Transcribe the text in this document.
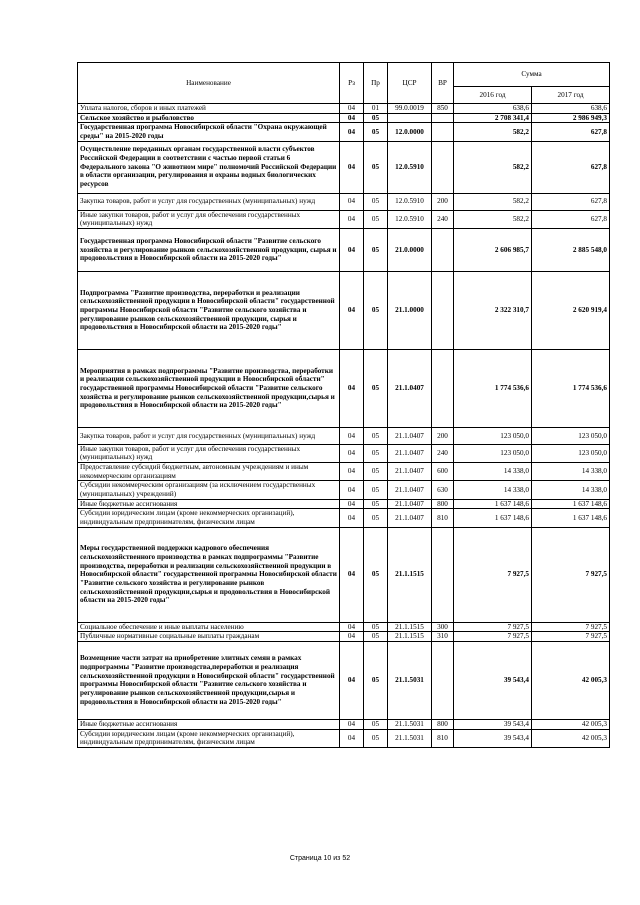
Наименование	Рз	Пр	ЦСР	ВР	Сумма	
					2016 год	2017 год
Уплата налогов, сборов и иных платежей	04	01	99.0.0019	850	638,6	638,6
Сельское хозяйство и рыболовство	04	05			2 708 341,4	2 986 949,3
Государственная программа Новосибирской области "Охрана окружающей среды" на 2015-2020 годы	04	05	12.0.0000		582,2	627,8
Осуществление переданных органам государственной власти субъектов Российской Федерации в соответствии с частью первой статьи 6 Федерального закона "О животном мире" полномочий Российской Федерации в области организации, регулирования и охраны водных биологических ресурсов	04	05	12.0.5910		582,2	627,8
Закупка товаров, работ и услуг для государственных (муниципальных) нужд	04	05	12.0.5910	200	582,2	627,8
Иные закупки товаров, работ и услуг для обеспечения государственных (муниципальных) нужд	04	05	12.0.5910	240	582,2	627,8
Государственная программа Новосибирской области "Развитие сельского хозяйства и регулирование рынков сельскохозяйственной продукции, сырья и продовольствия в Новосибирской области на 2015-2020 годы"	04	05	21.0.0000		2 606 985,7	2 885 548,0
Подпрограмма "Развитие производства, переработки и реализации сельскохозяйственной продукции в Новосибирской области" государственной программы Новосибирской области "Развитие сельского хозяйства и регулирование рынков сельскохозяйственной продукции, сырья и продовольствия в Новосибирской области на 2015-2020 годы"	04	05	21.1.0000		2 322 310,7	2 620 919,4
Мероприятия в рамках подпрограммы "Развитие производства, переработки и реализации сельскохозяйственной продукции в Новосибирской области" государственной программы Новосибирской области "Развитие сельского хозяйства и регулирование рынков сельскохозяйственной продукции,сырья и продовольствия в Новосибирской области на 2015-2020 годы"	04	05	21.1.0407		1 774 536,6	1 774 536,6
Закупка товаров, работ и услуг для государственных (муниципальных) нужд	04	05	21.1.0407	200	123 050,0	123 050,0
Иные закупки товаров, работ и услуг для обеспечения государственных (муниципальных) нужд	04	05	21.1.0407	240	123 050,0	123 050,0
Предоставление субсидий бюджетным, автономным учреждениям и иным некоммерческим организациям	04	05	21.1.0407	600	14 338,0	14 338,0
Субсидии некоммерческим организациям (за исключением государственных (муниципальных) учреждений)	04	05	21.1.0407	630	14 338,0	14 338,0
Иные бюджетные ассигнования	04	05	21.1.0407	800	1 637 148,6	1 637 148,6
Субсидии юридическим лицам (кроме некоммерческих организаций), индивидуальным предпринимателям, физическим лицам	04	05	21.1.0407	810	1 637 148,6	1 637 148,6
Меры государственной поддержки кадрового обеспечения сельскохозяйственного производства в рамках подпрограммы "Развитие производства, переработки и реализации сельскохозяйственной продукции в Новосибирской области" государственной программы Новосибирской области "Развитие сельского хозяйства и регулирование рынков сельскохозяйственной продукции,сырья и продовольствия в Новосибирской области на 2015-2020 годы"	04	05	21.1.1515		7 927,5	7 927,5
Социальное обеспечение и иные выплаты населению	04	05	21.1.1515	300	7 927,5	7 927,5
Публичные нормативные социальные выплаты гражданам	04	05	21.1.1515	310	7 927,5	7 927,5
Возмещение части затрат на приобретение элитных семян в рамках подпрограммы "Развитие производства,переработки и реализация сельскохозяйственной продукции в Новосибирской области" государственной программы Новосибирской области "Развитие сельского хозяйства и регулирование рынков сельскохозяйственной продукции,сырья и продовольствия в Новосибирской области на 2015-2020 годы"	04	05	21.1.5031		39 543,4	42 005,3
Иные бюджетные ассигнования	04	05	21.1.5031	800	39 543,4	42 005,3
Субсидии юридическим лицам (кроме некоммерческих организаций), индивидуальным предпринимателям, физическим лицам	04	05	21.1.5031	810	39 543,4	42 005,3
Страница 10 из 52
